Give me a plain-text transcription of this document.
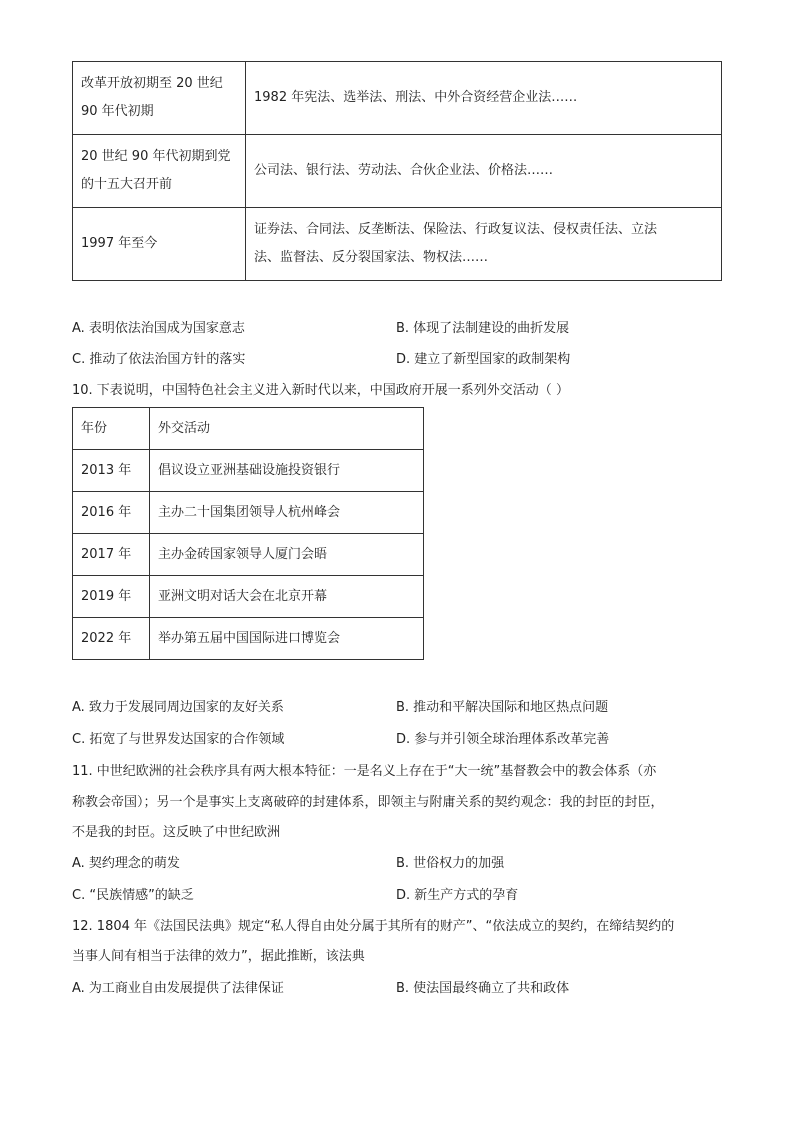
改革开放初期至 20 世纪
90 年代初期	1982 年宪法、选举法、刑法、中外合资经营企业法……

20 世纪 90 年代初期到党
的十五大召开前	公司法、银行法、劳动法、合伙企业法、价格法……

1997 年至今	证券法、合同法、反垄断法、保险法、行政复议法、侵权责任法、立法
法、监督法、反分裂国家法、物权法……
A. 表明依法治国成为国家意志	B. 体现了法制建设的曲折发展
C. 推动了依法治国方针的落实	D. 建立了新型国家的政制架构
10. 下表说明，中国特色社会主义进入新时代以来，中国政府开展一系列外交活动（ ）
年份	外交活动
2013 年	倡议设立亚洲基础设施投资银行
2016 年	主办二十国集团领导人杭州峰会
2017 年	主办金砖国家领导人厦门会晤
2019 年	亚洲文明对话大会在北京开幕
2022 年	举办第五届中国国际进口博览会
A. 致力于发展同周边国家的友好关系	B. 推动和平解决国际和地区热点问题
C. 拓宽了与世界发达国家的合作领域	D. 参与并引领全球治理体系改革完善
11. 中世纪欧洲的社会秩序具有两大根本特征：一是名义上存在于“大一统”基督教会中的教会体系（亦
称教会帝国）；另一个是事实上支离破碎的封建体系，即领主与附庸关系的契约观念：我的封臣的封臣，
不是我的封臣。这反映了中世纪欧洲
A. 契约理念的萌发	B. 世俗权力的加强
C. “民族情感”的缺乏	D. 新生产方式的孕育
12. 1804 年《法国民法典》规定“私人得自由处分属于其所有的财产”、“依法成立的契约，在缔结契约的
当事人间有相当于法律的效力”，据此推断，该法典
A. 为工商业自由发展提供了法律保证	B. 使法国最终确立了共和政体
